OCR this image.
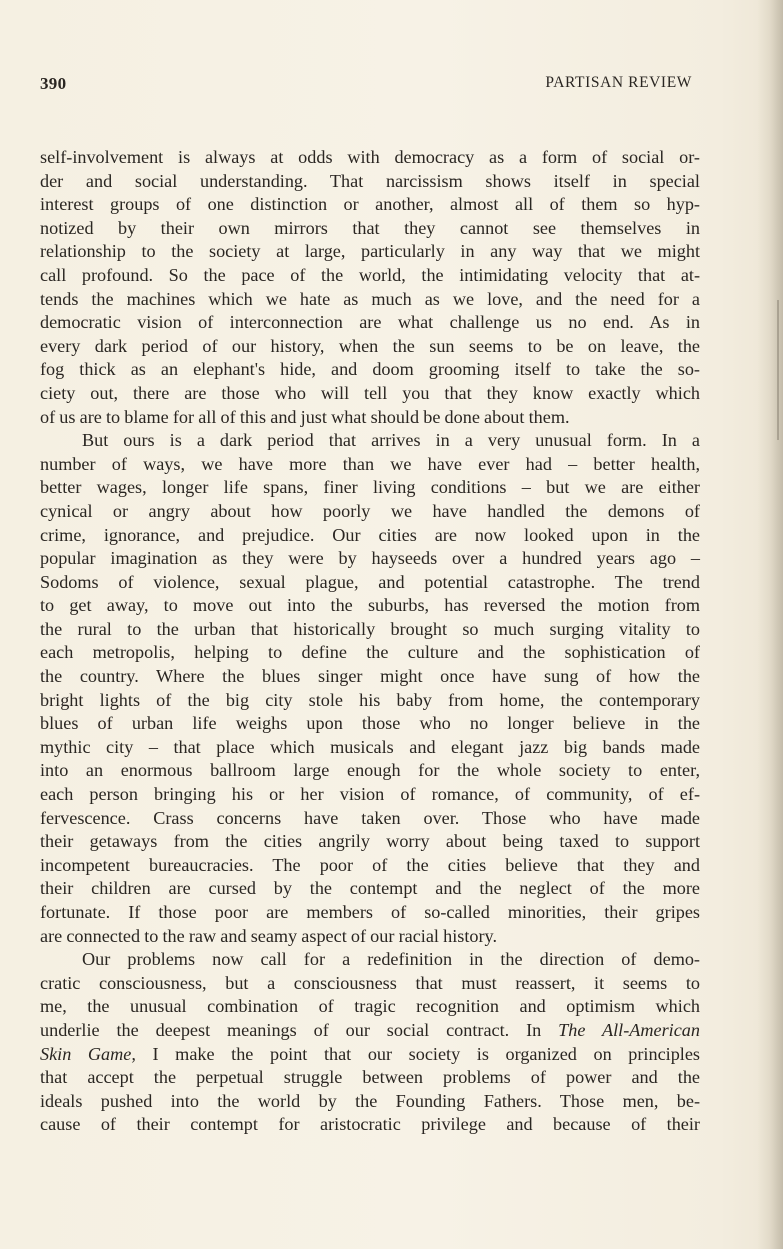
390	PARTISAN REVIEW
self-involvement is always at odds with democracy as a form of social or-
der and social understanding. That narcissism shows itself in special
interest groups of one distinction or another, almost all of them so hyp-
notized by their own mirrors that they cannot see themselves in
relationship to the society at large, particularly in any way that we might
call profound. So the pace of the world, the intimidating velocity that at-
tends the machines which we hate as much as we love, and the need for a
democratic vision of interconnection are what challenge us no end. As in
every dark period of our history, when the sun seems to be on leave, the
fog thick as an elephant's hide, and doom grooming itself to take the so-
ciety out, there are those who will tell you that they know exactly which
of us are to blame for all of this and just what should be done about them.
But ours is a dark period that arrives in a very unusual form. In a
number of ways, we have more than we have ever had – better health,
better wages, longer life spans, finer living conditions – but we are either
cynical or angry about how poorly we have handled the demons of
crime, ignorance, and prejudice. Our cities are now looked upon in the
popular imagination as they were by hayseeds over a hundred years ago –
Sodoms of violence, sexual plague, and potential catastrophe. The trend
to get away, to move out into the suburbs, has reversed the motion from
the rural to the urban that historically brought so much surging vitality to
each metropolis, helping to define the culture and the sophistication of
the country. Where the blues singer might once have sung of how the
bright lights of the big city stole his baby from home, the contemporary
blues of urban life weighs upon those who no longer believe in the
mythic city – that place which musicals and elegant jazz big bands made
into an enormous ballroom large enough for the whole society to enter,
each person bringing his or her vision of romance, of community, of ef-
fervescence. Crass concerns have taken over. Those who have made
their getaways from the cities angrily worry about being taxed to support
incompetent bureaucracies. The poor of the cities believe that they and
their children are cursed by the contempt and the neglect of the more
fortunate. If those poor are members of so-called minorities, their gripes
are connected to the raw and seamy aspect of our racial history.
Our problems now call for a redefinition in the direction of demo-
cratic consciousness, but a consciousness that must reassert, it seems to
me, the unusual combination of tragic recognition and optimism which
underlie the deepest meanings of our social contract. In The All-American
Skin Game, I make the point that our society is organized on principles
that accept the perpetual struggle between problems of power and the
ideals pushed into the world by the Founding Fathers. Those men, be-
cause of their contempt for aristocratic privilege and because of their
